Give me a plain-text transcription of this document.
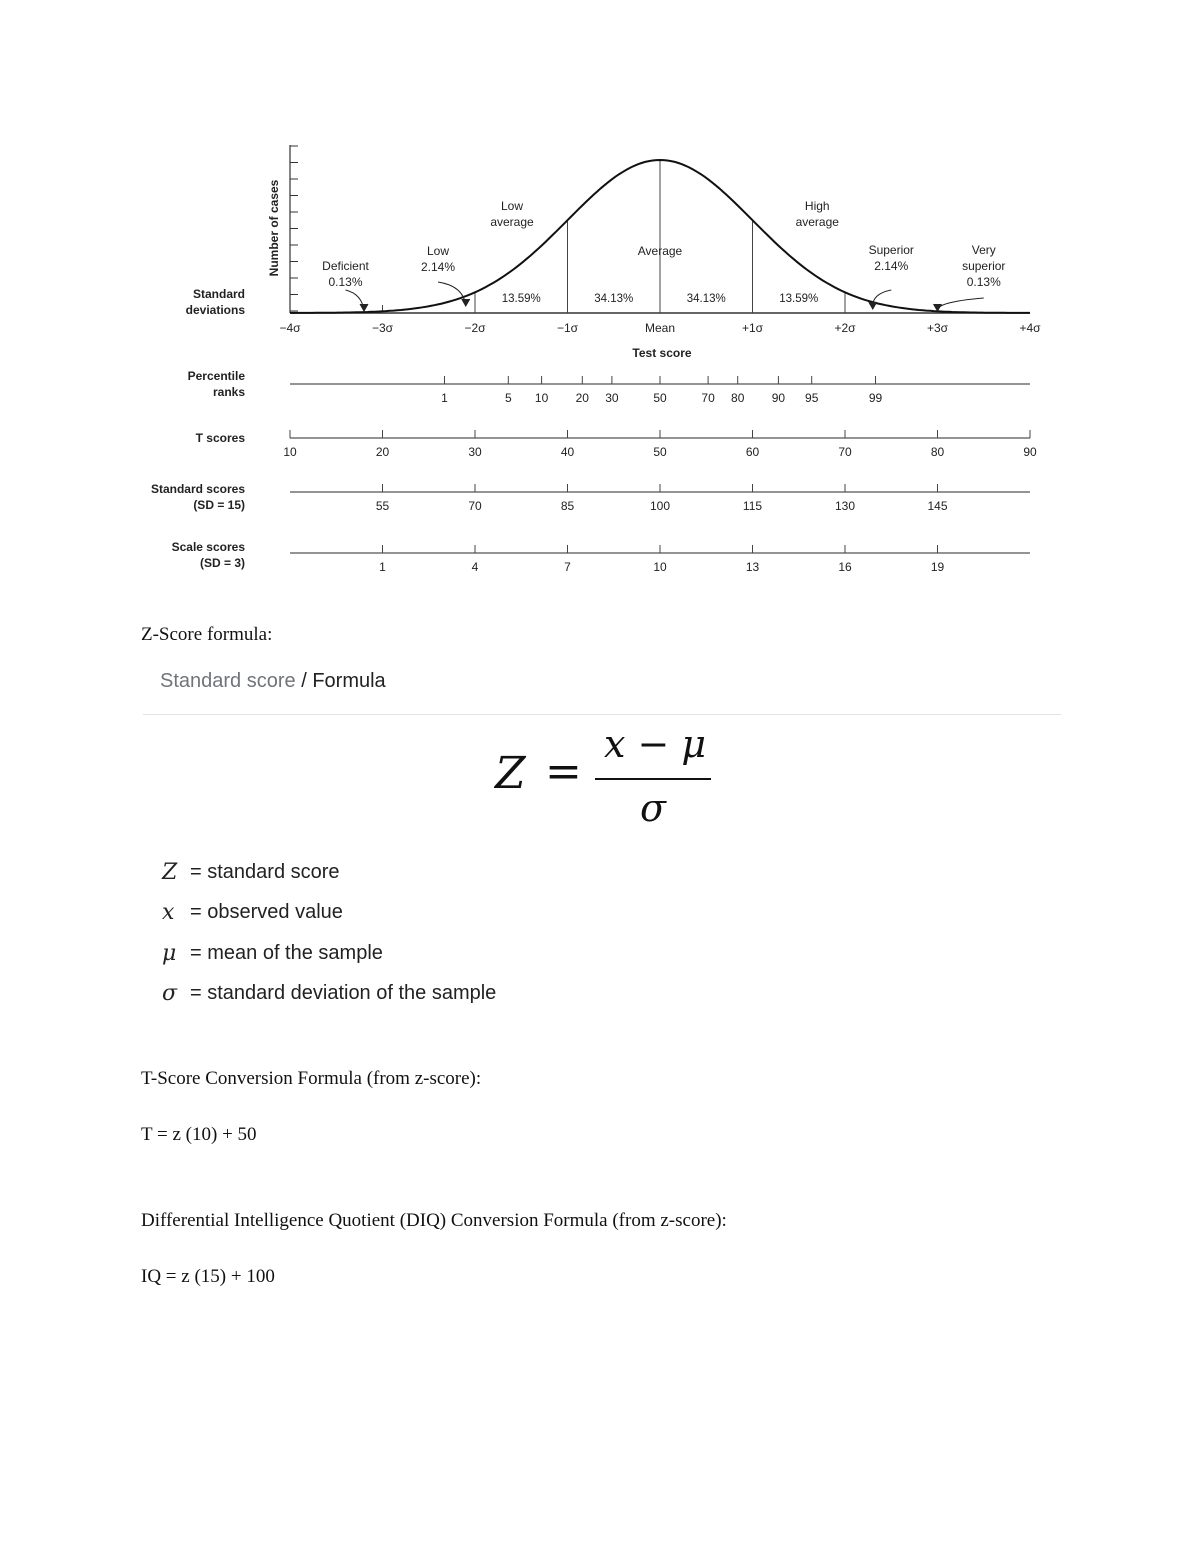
Number of cases
−4σ	−3σ	−2σ	−1σ	Mean	+1σ	+2σ	+3σ	+4σ
13.59%	34.13%	34.13%	13.59%
Deficient 0.13%
Low 2.14%
Low average
Average
High average
Superior 2.14%
Very superior 0.13%
Standard deviations
Test score
Percentile ranks	1	5 10 20 30	50	70 80 90 95	99
T scores
10	20	30	40	50	60	70	80	90
Standard scores (SD = 15)	55	70	85	100	115	130	145
Scale scores (SD = 3)	1	4	7	10	13	16	19
Z-Score formula:
Standard score / Formula
Z =
x − μ
σ
Z = standard score
x = observed value
μ = mean of the sample
σ = standard deviation of the sample
T-Score Conversion Formula (from z-score):
T = z (10) + 50
Differential Intelligence Quotient (DIQ) Conversion Formula (from z-score):
IQ = z (15) + 100
